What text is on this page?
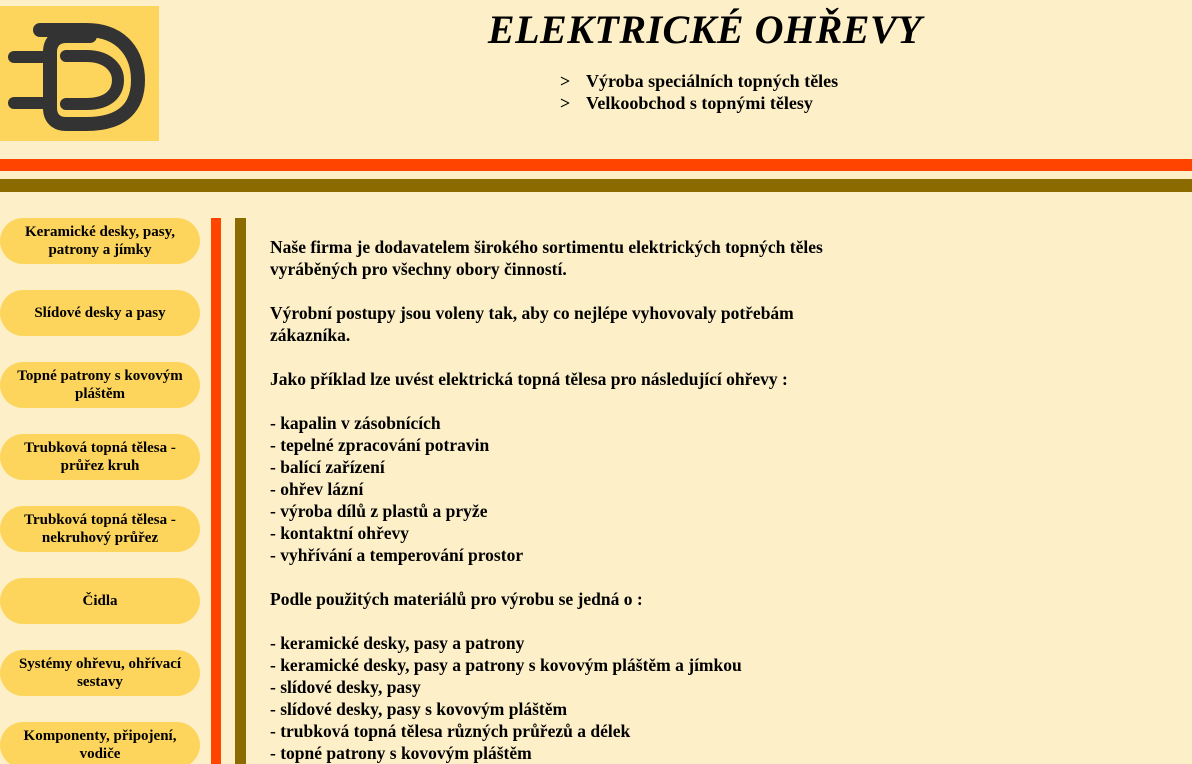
ELEKTRICKÉ OHŘEVY
> Výroba speciálních topných těles
> Velkoobchod s topnými tělesy
Keramické desky, pasy, patrony a jímky
Slídové desky a pasy
Topné patrony s kovovým pláštěm
Trubková topná tělesa - průřez kruh
Trubková topná tělesa - nekruhový průřez
Čidla
Systémy ohřevu, ohřívací sestavy
Komponenty, připojení, vodiče

Naše firma je dodavatelem širokého sortimentu elektrických topných těles vyráběných pro všechny obory činností.

Výrobní postupy jsou voleny tak, aby co nejlépe vyhovovaly potřebám zákazníka.

Jako příklad lze uvést elektrická topná tělesa pro následující ohřevy :

- kapalin v zásobnících
- tepelné zpracování potravin
- balící zařízení
- ohřev lázní
- výroba dílů z plastů a pryže
- kontaktní ohřevy
- vyhřívání a temperování prostor

Podle použitých materiálů pro výrobu se jedná o :

- keramické desky, pasy a patrony
- keramické desky, pasy a patrony s kovovým pláštěm a jímkou
- slídové desky, pasy
- slídové desky, pasy s kovovým pláštěm
- trubková topná tělesa různých průřezů a délek
- topné patrony s kovovým pláštěm
